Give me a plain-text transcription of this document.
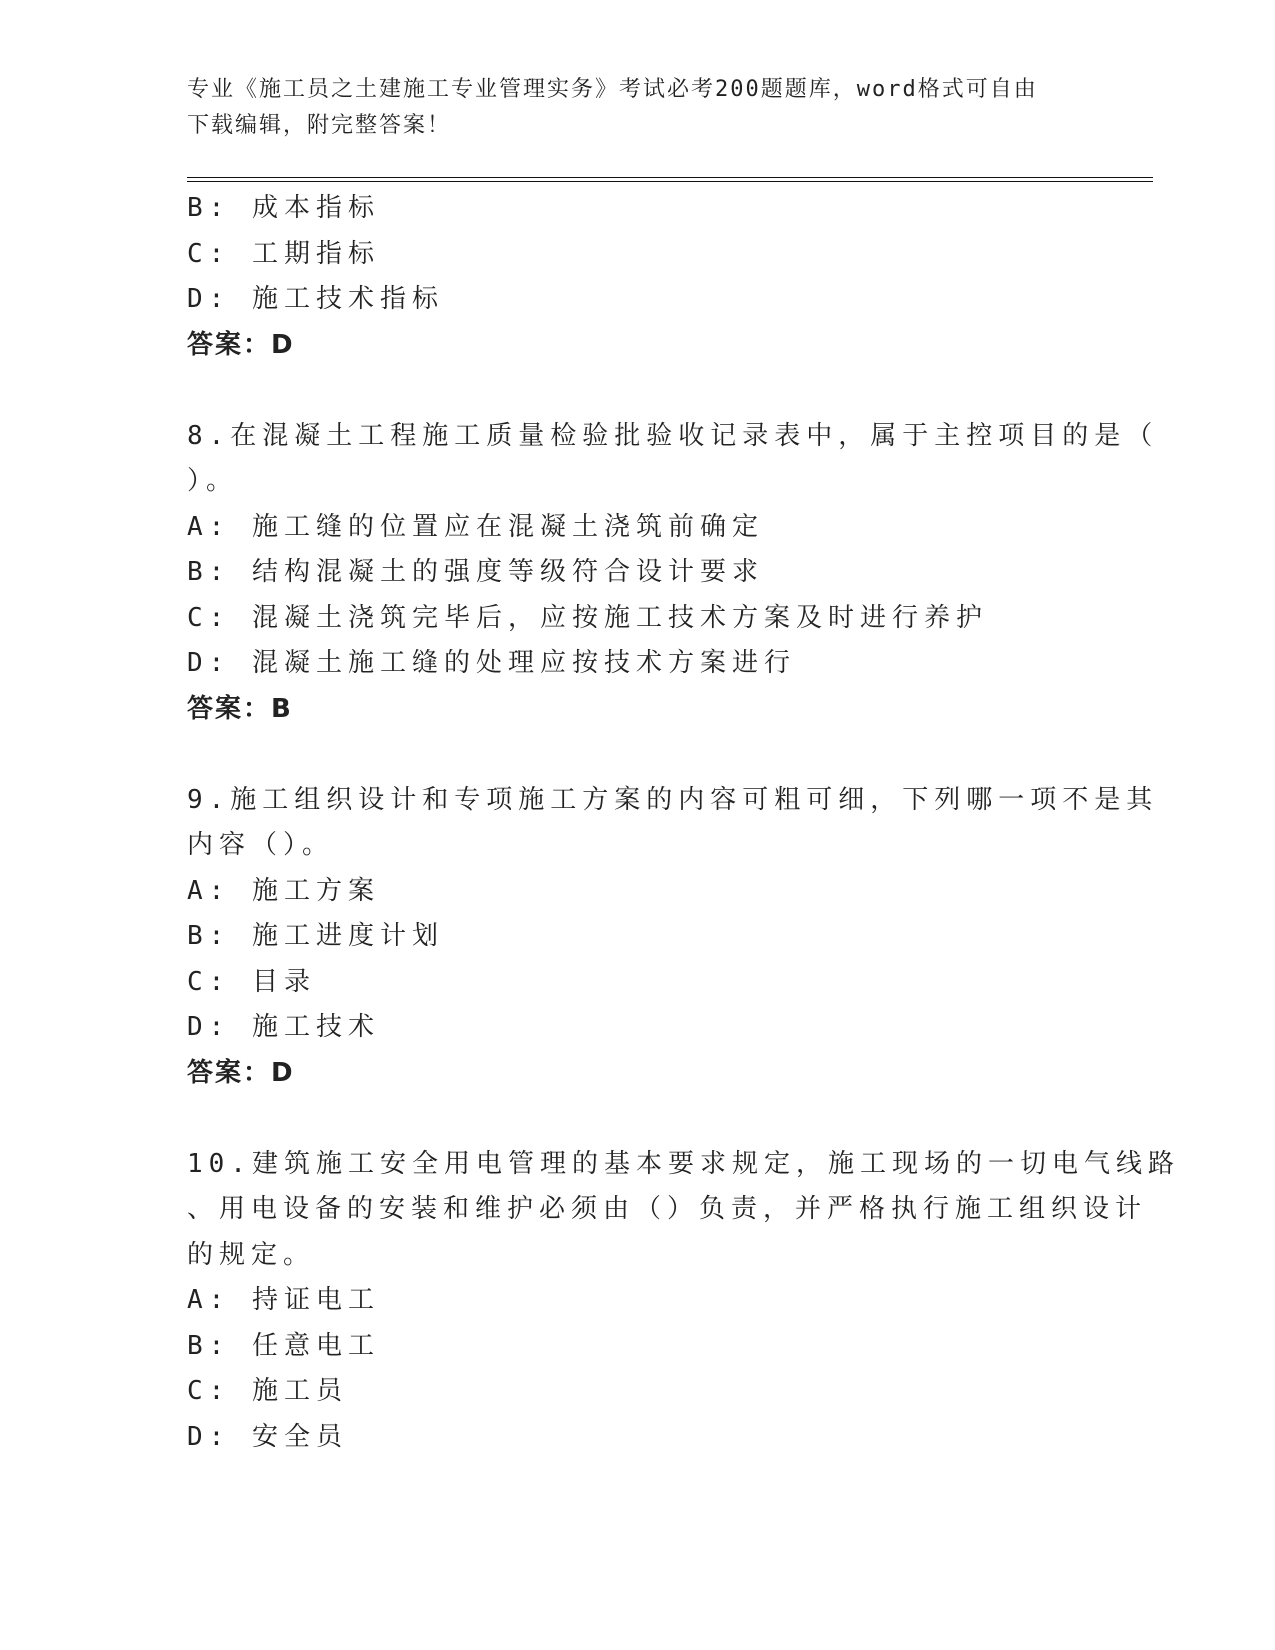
专业《施工员之土建施工专业管理实务》考试必考200题题库，word格式可自由
下载编辑，附完整答案！
B: 成本指标
C: 工期指标
D: 施工技术指标
答案：D
8.在混凝土工程施工质量检验批验收记录表中，属于主控项目的是（
）。
A: 施工缝的位置应在混凝土浇筑前确定
B: 结构混凝土的强度等级符合设计要求
C: 混凝土浇筑完毕后，应按施工技术方案及时进行养护
D: 混凝土施工缝的处理应按技术方案进行
答案：B
9.施工组织设计和专项施工方案的内容可粗可细，下列哪一项不是其
内容（）。
A: 施工方案
B: 施工进度计划
C: 目录
D: 施工技术
答案：D
10.建筑施工安全用电管理的基本要求规定，施工现场的一切电气线路
、用电设备的安装和维护必须由（）负责，并严格执行施工组织设计
的规定。
A: 持证电工
B: 任意电工
C: 施工员
D: 安全员
